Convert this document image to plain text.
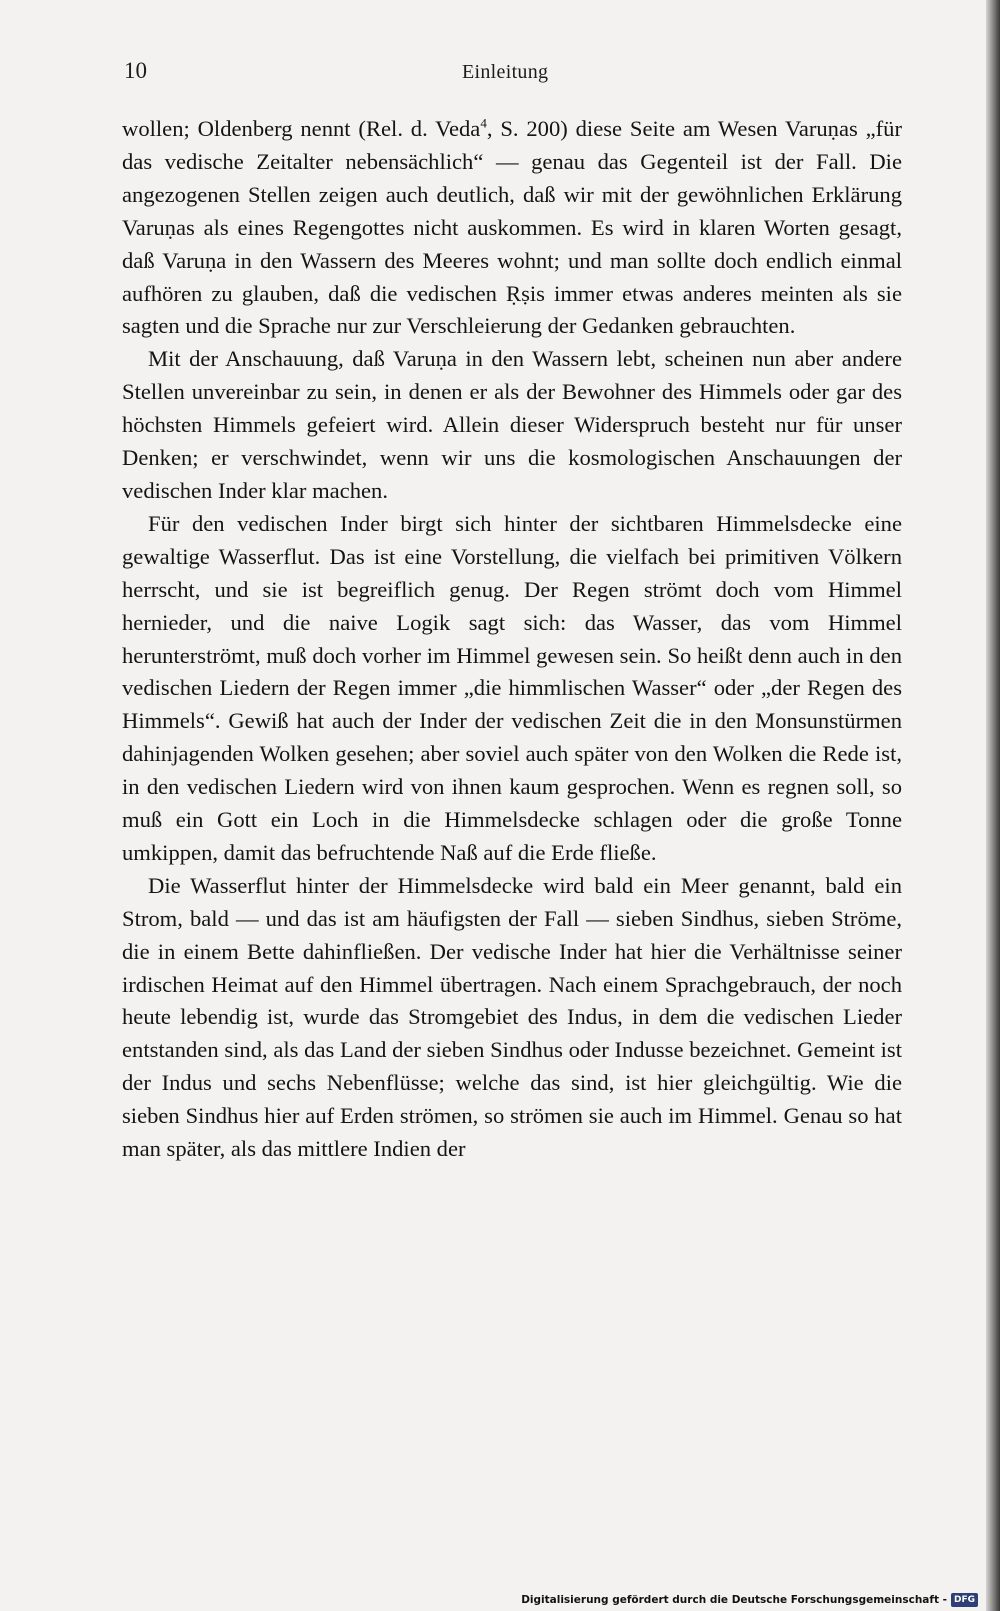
10	Einleitung

wollen; Oldenberg nennt (Rel. d. Veda$^4$, S. 200) diese Seite am Wesen Varuṇas „für das vedische Zeitalter nebensächlich“ — genau das Gegenteil ist der Fall. Die angezogenen Stellen zeigen auch deutlich, daß wir mit der gewöhnlichen Erklärung Varuṇas als eines Regengottes nicht auskommen. Es wird in klaren Worten gesagt, daß Varuṇa in den Wassern des Meeres wohnt; und man sollte doch endlich einmal aufhören zu glauben, daß die vedischen Ṛṣis immer etwas anderes meinten als sie sagten und die Sprache nur zur Verschleierung der Gedanken gebrauchten.

Mit der Anschauung, daß Varuṇa in den Wassern lebt, scheinen nun aber andere Stellen unvereinbar zu sein, in denen er als der Bewohner des Himmels oder gar des höchsten Himmels gefeiert wird. Allein dieser Widerspruch besteht nur für unser Denken; er verschwindet, wenn wir uns die kosmologischen Anschauungen der vedischen Inder klar machen.

Für den vedischen Inder birgt sich hinter der sichtbaren Himmelsdecke eine gewaltige Wasserflut. Das ist eine Vorstellung, die vielfach bei primitiven Völkern herrscht, und sie ist begreiflich genug. Der Regen strömt doch vom Himmel hernieder, und die naive Logik sagt sich: das Wasser, das vom Himmel herunterströmt, muß doch vorher im Himmel gewesen sein. So heißt denn auch in den vedischen Liedern der Regen immer „die himmlischen Wasser“ oder „der Regen des Himmels“. Gewiß hat auch der Inder der vedischen Zeit die in den Monsunstürmen dahinjagenden Wolken gesehen; aber soviel auch später von den Wolken die Rede ist, in den vedischen Liedern wird von ihnen kaum gesprochen. Wenn es regnen soll, so muß ein Gott ein Loch in die Himmelsdecke schlagen oder die große Tonne umkippen, damit das befruchtende Naß auf die Erde fließe.

Die Wasserflut hinter der Himmelsdecke wird bald ein Meer genannt, bald ein Strom, bald — und das ist am häufigsten der Fall — sieben Sindhus, sieben Ströme, die in einem Bette dahinfließen. Der vedische Inder hat hier die Verhältnisse seiner irdischen Heimat auf den Himmel übertragen. Nach einem Sprachgebrauch, der noch heute lebendig ist, wurde das Stromgebiet des Indus, in dem die vedischen Lieder entstanden sind, als das Land der sieben Sindhus oder Indusse bezeichnet. Gemeint ist der Indus und sechs Nebenflüsse; welche das sind, ist hier gleichgültig. Wie die sieben Sindhus hier auf Erden strömen, so strömen sie auch im Himmel. Genau so hat man später, als das mittlere Indien der

Digitalisierung gefördert durch die Deutsche Forschungsgemeinschaft - DFG
